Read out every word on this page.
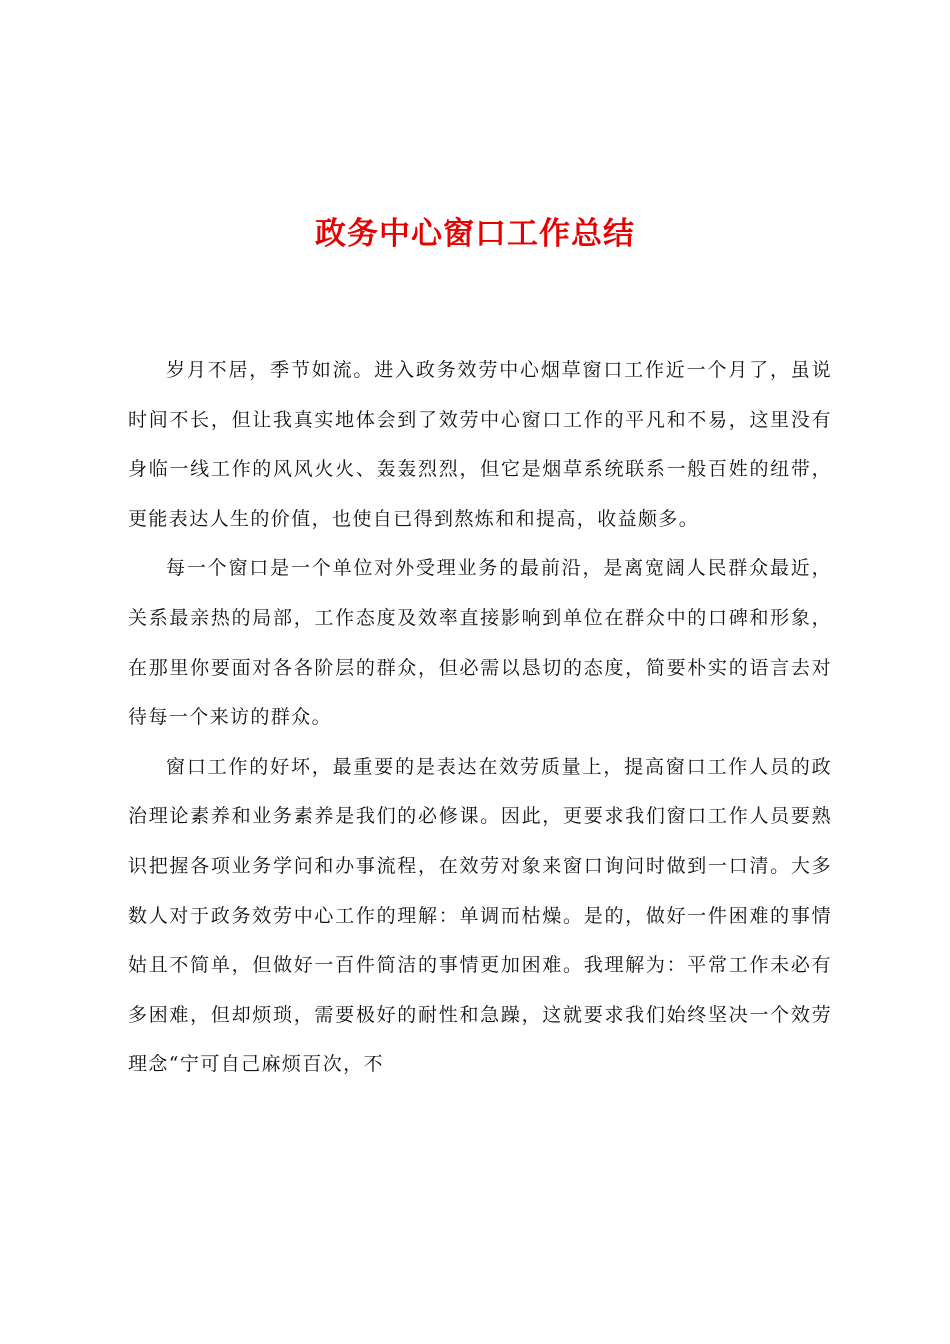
政务中心窗口工作总结

岁月不居，季节如流。进入政务效劳中心烟草窗口工作近一个月了，虽说时间不长，但让我真实地体会到了效劳中心窗口工作的平凡和不易，这里没有身临一线工作的风风火火、轰轰烈烈，但它是烟草系统联系一般百姓的纽带，更能表达人生的价值，也使自已得到熬炼和和提高，收益颇多。

每一个窗口是一个单位对外受理业务的最前沿，是离宽阔人民群众最近，关系最亲热的局部，工作态度及效率直接影响到单位在群众中的口碑和形象，在那里你要面对各各阶层的群众，但必需以恳切的态度，简要朴实的语言去对待每一个来访的群众。

窗口工作的好坏，最重要的是表达在效劳质量上，提高窗口工作人员的政治理论素养和业务素养是我们的必修课。因此，更要求我们窗口工作人员要熟识把握各项业务学问和办事流程，在效劳对象来窗口询问时做到一口清。大多数人对于政务效劳中心工作的理解：单调而枯燥。是的，做好一件困难的事情姑且不简单，但做好一百件简洁的事情更加困难。我理解为：平常工作未必有多困难，但却烦琐，需要极好的耐性和急躁，这就要求我们始终坚决一个效劳理念“宁可自己麻烦百次，不
